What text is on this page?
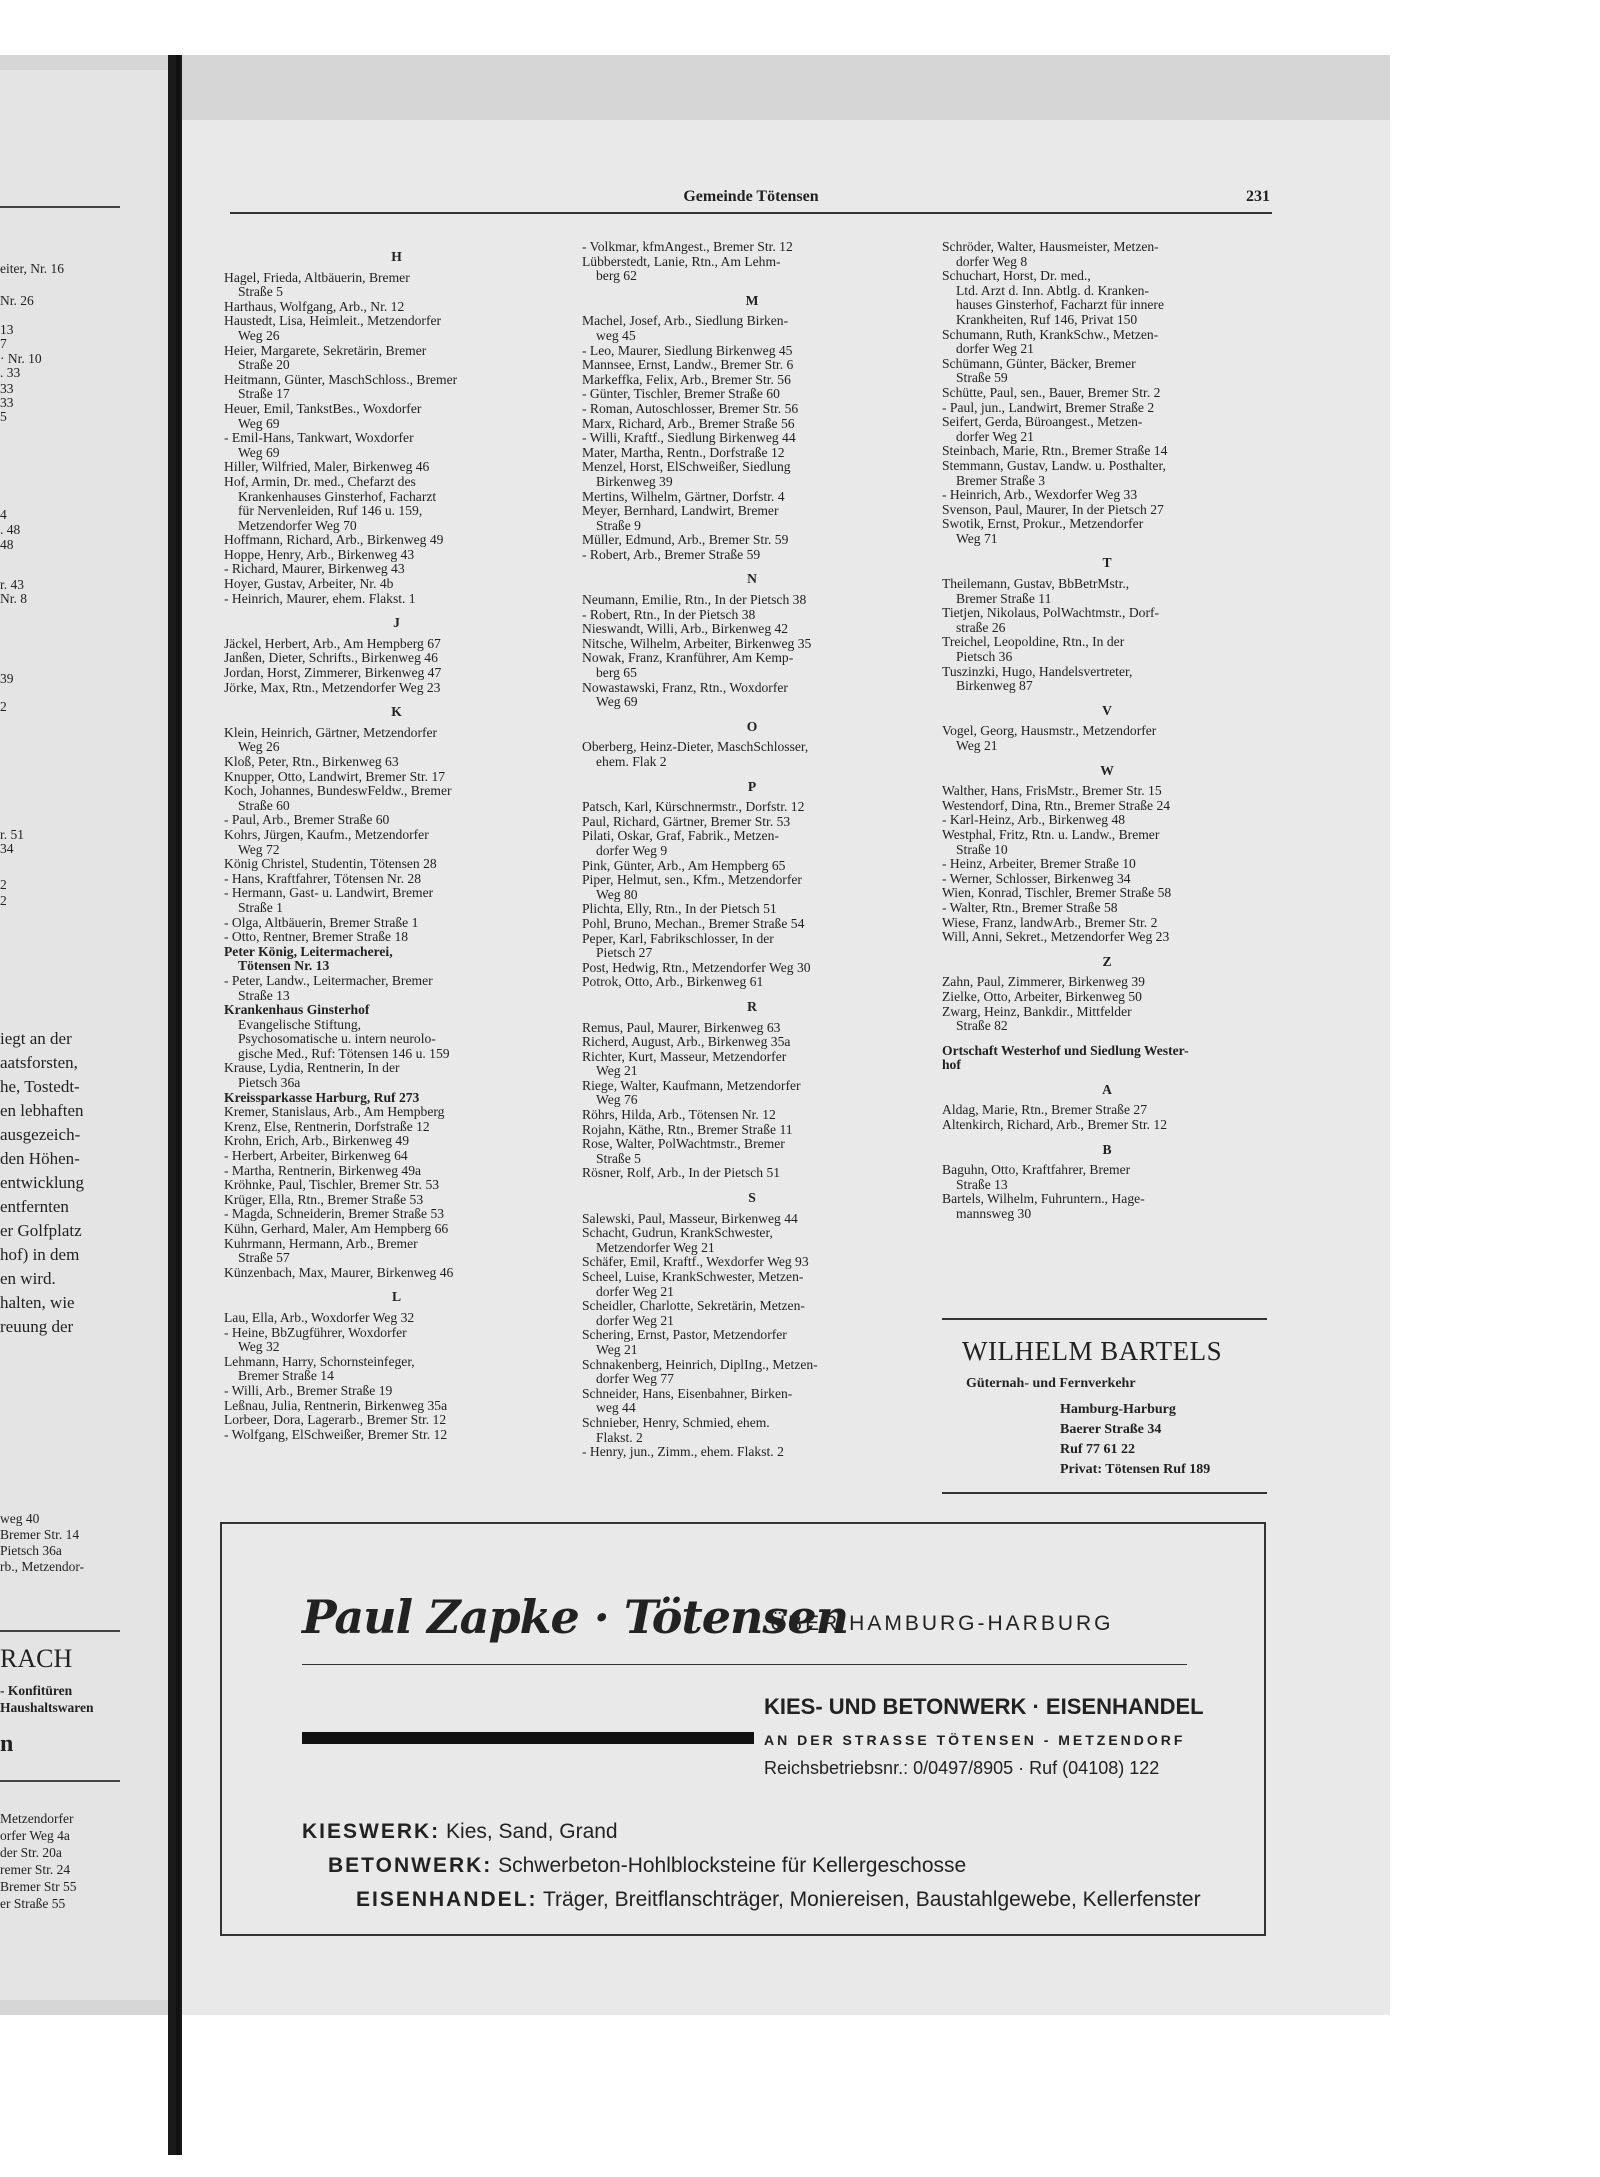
eiter, Nr. 16
Nr. 26
13
7
· Nr. 10
. 33
33
33
5
4
. 48
48
r. 43
Nr. 8
39
2
r. 51
34
2
2
iegt an der
aatsforsten,
he, Tostedt-
en lebhaften
ausgezeich-
den Höhen-
entwicklung
entfernten
er Golfplatz
hof) in dem
en wird.
halten, wie
reuung der
weg 40
Bremer Str. 14
Pietsch 36a
rb., Metzendor-
RACH
- Konfitüren
Haushaltswaren
n
Metzendorfer
orfer Weg 4a
der Str. 20a
remer Str. 24
Bremer Str 55
er Straße 55
Gemeinde Tötensen	231
H
Hagel, Frieda, Altbäuerin, Bremer
Straße 5
Harthaus, Wolfgang, Arb., Nr. 12
Haustedt, Lisa, Heimleit., Metzendorfer
Weg 26
Heier, Margarete, Sekretärin, Bremer
Straße 20
Heitmann, Günter, MaschSchloss., Bremer
Straße 17
Heuer, Emil, TankstBes., Woxdorfer
Weg 69
- Emil-Hans, Tankwart, Woxdorfer
Weg 69
Hiller, Wilfried, Maler, Birkenweg 46
Hof, Armin, Dr. med., Chefarzt des
Krankenhauses Ginsterhof, Facharzt
für Nervenleiden, Ruf 146 u. 159,
Metzendorfer Weg 70
Hoffmann, Richard, Arb., Birkenweg 49
Hoppe, Henry, Arb., Birkenweg 43
- Richard, Maurer, Birkenweg 43
Hoyer, Gustav, Arbeiter, Nr. 4b
- Heinrich, Maurer, ehem. Flakst. 1
J
Jäckel, Herbert, Arb., Am Hempberg 67
Janßen, Dieter, Schrifts., Birkenweg 46
Jordan, Horst, Zimmerer, Birkenweg 47
Jörke, Max, Rtn., Metzendorfer Weg 23
K
Klein, Heinrich, Gärtner, Metzendorfer
Weg 26
Kloß, Peter, Rtn., Birkenweg 63
Knupper, Otto, Landwirt, Bremer Str. 17
Koch, Johannes, BundeswFeldw., Bremer
Straße 60
- Paul, Arb., Bremer Straße 60
Kohrs, Jürgen, Kaufm., Metzendorfer
Weg 72
König Christel, Studentin, Tötensen 28
- Hans, Kraftfahrer, Tötensen Nr. 28
- Hermann, Gast- u. Landwirt, Bremer
Straße 1
- Olga, Altbäuerin, Bremer Straße 1
- Otto, Rentner, Bremer Straße 18
Peter König, Leitermacherei,
Tötensen Nr. 13
- Peter, Landw., Leitermacher, Bremer
Straße 13
Krankenhaus Ginsterhof
Evangelische Stiftung,
Psychosomatische u. intern neurolo-
gische Med., Ruf: Tötensen 146 u. 159
Krause, Lydia, Rentnerin, In der
Pietsch 36a
Kreissparkasse Harburg, Ruf 273
Kremer, Stanislaus, Arb., Am Hempberg
Krenz, Else, Rentnerin, Dorfstraße 12
Krohn, Erich, Arb., Birkenweg 49
- Herbert, Arbeiter, Birkenweg 64
- Martha, Rentnerin, Birkenweg 49a
Kröhnke, Paul, Tischler, Bremer Str. 53
Krüger, Ella, Rtn., Bremer Straße 53
- Magda, Schneiderin, Bremer Straße 53
Kühn, Gerhard, Maler, Am Hempberg 66
Kuhrmann, Hermann, Arb., Bremer
Straße 57
Künzenbach, Max, Maurer, Birkenweg 46
L
Lau, Ella, Arb., Woxdorfer Weg 32
- Heine, BbZugführer, Woxdorfer
Weg 32
Lehmann, Harry, Schornsteinfeger,
Bremer Straße 14
- Willi, Arb., Bremer Straße 19
Leßnau, Julia, Rentnerin, Birkenweg 35a
Lorbeer, Dora, Lagerarb., Bremer Str. 12
- Wolfgang, ElSchweißer, Bremer Str. 12
- Volkmar, kfmAngest., Bremer Str. 12
Lübberstedt, Lanie, Rtn., Am Lehm-
berg 62
M
Machel, Josef, Arb., Siedlung Birken-
weg 45
- Leo, Maurer, Siedlung Birkenweg 45
Mannsee, Ernst, Landw., Bremer Str. 6
Markeffka, Felix, Arb., Bremer Str. 56
- Günter, Tischler, Bremer Straße 60
- Roman, Autoschlosser, Bremer Str. 56
Marx, Richard, Arb., Bremer Straße 56
- Willi, Kraftf., Siedlung Birkenweg 44
Mater, Martha, Rentn., Dorfstraße 12
Menzel, Horst, ElSchweißer, Siedlung
Birkenweg 39
Mertins, Wilhelm, Gärtner, Dorfstr. 4
Meyer, Bernhard, Landwirt, Bremer
Straße 9
Müller, Edmund, Arb., Bremer Str. 59
- Robert, Arb., Bremer Straße 59
N
Neumann, Emilie, Rtn., In der Pietsch 38
- Robert, Rtn., In der Pietsch 38
Nieswandt, Willi, Arb., Birkenweg 42
Nitsche, Wilhelm, Arbeiter, Birkenweg 35
Nowak, Franz, Kranführer, Am Kemp-
berg 65
Nowastawski, Franz, Rtn., Woxdorfer
Weg 69
O
Oberberg, Heinz-Dieter, MaschSchlosser,
ehem. Flak 2
P
Patsch, Karl, Kürschnermstr., Dorfstr. 12
Paul, Richard, Gärtner, Bremer Str. 53
Pilati, Oskar, Graf, Fabrik., Metzen-
dorfer Weg 9
Pink, Günter, Arb., Am Hempberg 65
Piper, Helmut, sen., Kfm., Metzendorfer
Weg 80
Plichta, Elly, Rtn., In der Pietsch 51
Pohl, Bruno, Mechan., Bremer Straße 54
Peper, Karl, Fabrikschlosser, In der
Pietsch 27
Post, Hedwig, Rtn., Metzendorfer Weg 30
Potrok, Otto, Arb., Birkenweg 61
R
Remus, Paul, Maurer, Birkenweg 63
Richerd, August, Arb., Birkenweg 35a
Richter, Kurt, Masseur, Metzendorfer
Weg 21
Riege, Walter, Kaufmann, Metzendorfer
Weg 76
Röhrs, Hilda, Arb., Tötensen Nr. 12
Rojahn, Käthe, Rtn., Bremer Straße 11
Rose, Walter, PolWachtmstr., Bremer
Straße 5
Rösner, Rolf, Arb., In der Pietsch 51
S
Salewski, Paul, Masseur, Birkenweg 44
Schacht, Gudrun, KrankSchwester,
Metzendorfer Weg 21
Schäfer, Emil, Kraftf., Wexdorfer Weg 93
Scheel, Luise, KrankSchwester, Metzen-
dorfer Weg 21
Scheidler, Charlotte, Sekretärin, Metzen-
dorfer Weg 21
Schering, Ernst, Pastor, Metzendorfer
Weg 21
Schnakenberg, Heinrich, DiplIng., Metzen-
dorfer Weg 77
Schneider, Hans, Eisenbahner, Birken-
weg 44
Schnieber, Henry, Schmied, ehem.
Flakst. 2
- Henry, jun., Zimm., ehem. Flakst. 2
Schröder, Walter, Hausmeister, Metzen-
dorfer Weg 8
Schuchart, Horst, Dr. med.,
Ltd. Arzt d. Inn. Abtlg. d. Kranken-
hauses Ginsterhof, Facharzt für innere
Krankheiten, Ruf 146, Privat 150
Schumann, Ruth, KrankSchw., Metzen-
dorfer Weg 21
Schümann, Günter, Bäcker, Bremer
Straße 59
Schütte, Paul, sen., Bauer, Bremer Str. 2
- Paul, jun., Landwirt, Bremer Straße 2
Seifert, Gerda, Büroangest., Metzen-
dorfer Weg 21
Steinbach, Marie, Rtn., Bremer Straße 14
Stemmann, Gustav, Landw. u. Posthalter,
Bremer Straße 3
- Heinrich, Arb., Wexdorfer Weg 33
Svenson, Paul, Maurer, In der Pietsch 27
Swotik, Ernst, Prokur., Metzendorfer
Weg 71
T
Theilemann, Gustav, BbBetrMstr.,
Bremer Straße 11
Tietjen, Nikolaus, PolWachtmstr., Dorf-
straße 26
Treichel, Leopoldine, Rtn., In der
Pietsch 36
Tuszinzki, Hugo, Handelsvertreter,
Birkenweg 87
V
Vogel, Georg, Hausmstr., Metzendorfer
Weg 21
W
Walther, Hans, FrisMstr., Bremer Str. 15
Westendorf, Dina, Rtn., Bremer Straße 24
- Karl-Heinz, Arb., Birkenweg 48
Westphal, Fritz, Rtn. u. Landw., Bremer
Straße 10
- Heinz, Arbeiter, Bremer Straße 10
- Werner, Schlosser, Birkenweg 34
Wien, Konrad, Tischler, Bremer Straße 58
- Walter, Rtn., Bremer Straße 58
Wiese, Franz, landwArb., Bremer Str. 2
Will, Anni, Sekret., Metzendorfer Weg 23
Z
Zahn, Paul, Zimmerer, Birkenweg 39
Zielke, Otto, Arbeiter, Birkenweg 50
Zwarg, Heinz, Bankdir., Mittfelder
Straße 82
Ortschaft Westerhof und Siedlung Wester-
hof
A
Aldag, Marie, Rtn., Bremer Straße 27
Altenkirch, Richard, Arb., Bremer Str. 12
B
Baguhn, Otto, Kraftfahrer, Bremer
Straße 13
Bartels, Wilhelm, Fuhruntern., Hage-
mannsweg 30
WILHELM BARTELS
Güternah- und Fernverkehr
Hamburg-Harburg
Baerer Straße 34
Ruf 77 61 22
Privat: Tötensen Ruf 189
Paul Zapke · Tötensen
ÜBER HAMBURG-HARBURG
KIES- UND BETONWERK · EISENHANDEL
AN DER STRASSE TÖTENSEN - METZENDORF
Reichsbetriebsnr.: 0/0497/8905 · Ruf (04108) 122
KIESWERK: Kies, Sand, Grand
BETONWERK: Schwerbeton-Hohlblocksteine für Kellergeschosse
EISENHANDEL: Träger, Breitflanschträger, Moniereisen, Baustahlgewebe, Kellerfenster
